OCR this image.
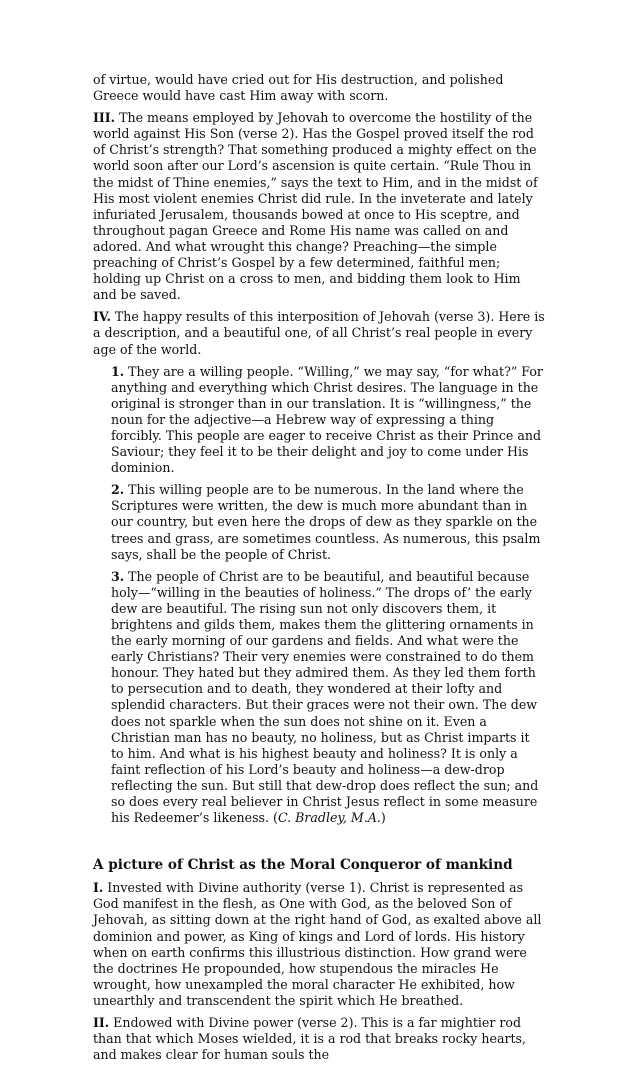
of virtue, would have cried out for His destruction, and polished Greece would have cast Him away with scorn.

III. The means employed by Jehovah to overcome the hostility of the world against His Son (verse 2). Has the Gospel proved itself the rod of Christ’s strength? That something produced a mighty effect on the world soon after our Lord’s ascension is quite certain. “Rule Thou in the midst of Thine enemies,” says the text to Him, and in the midst of His most violent enemies Christ did rule. In the inveterate and lately infuriated Jerusalem, thousands bowed at once to His sceptre, and throughout pagan Greece and Rome His name was called on and adored. And what wrought this change? Preaching—the simple preaching of Christ’s Gospel by a few determined, faithful men; holding up Christ on a cross to men, and bidding them look to Him and be saved.

IV. The happy results of this interposition of Jehovah (verse 3). Here is a description, and a beautiful one, of all Christ’s real people in every age of the world.

1. They are a willing people. “Willing,” we may say, “for what?” For anything and everything which Christ desires. The language in the original is stronger than in our translation. It is “willingness,” the noun for the adjective—a Hebrew way of expressing a thing forcibly. This people are eager to receive Christ as their Prince and Saviour; they feel it to be their delight and joy to come under His dominion.

2. This willing people are to be numerous. In the land where the Scriptures were written, the dew is much more abundant than in our country, but even here the drops of dew as they sparkle on the trees and grass, are sometimes countless. As numerous, this psalm says, shall be the people of Christ.

3. The people of Christ are to be beautiful, and beautiful because holy—“willing in the beauties of holiness.” The drops of’ the early dew are beautiful. The rising sun not only discovers them, it brightens and gilds them, makes them the glittering ornaments in the early morning of our gardens and fields. And what were the early Christians? Their very enemies were constrained to do them honour. They hated but they admired them. As they led them forth to persecution and to death, they wondered at their lofty and splendid characters. But their graces were not their own. The dew does not sparkle when the sun does not shine on it. Even a Christian man has no beauty, no holiness, but as Christ imparts it to him. And what is his highest beauty and holiness? It is only a faint reflection of his Lord’s beauty and holiness—a dew-drop reflecting the sun. But still that dew-drop does reflect the sun; and so does every real believer in Christ Jesus reflect in some measure his Redeemer’s likeness. (C. Bradley, M.A.)

A picture of Christ as the Moral Conqueror of mankind

I. Invested with Divine authority (verse 1). Christ is represented as God manifest in the flesh, as One with God, as the beloved Son of Jehovah, as sitting down at the right hand of God, as exalted above all dominion and power, as King of kings and Lord of lords. His history when on earth confirms this illustrious distinction. How grand were the doctrines He propounded, how stupendous the miracles He wrought, how unexampled the moral character He exhibited, how unearthly and transcendent the spirit which He breathed.

II. Endowed with Divine power (verse 2). This is a far mightier rod than that which Moses wielded, it is a rod that breaks rocky hearts, and makes clear for human souls the
